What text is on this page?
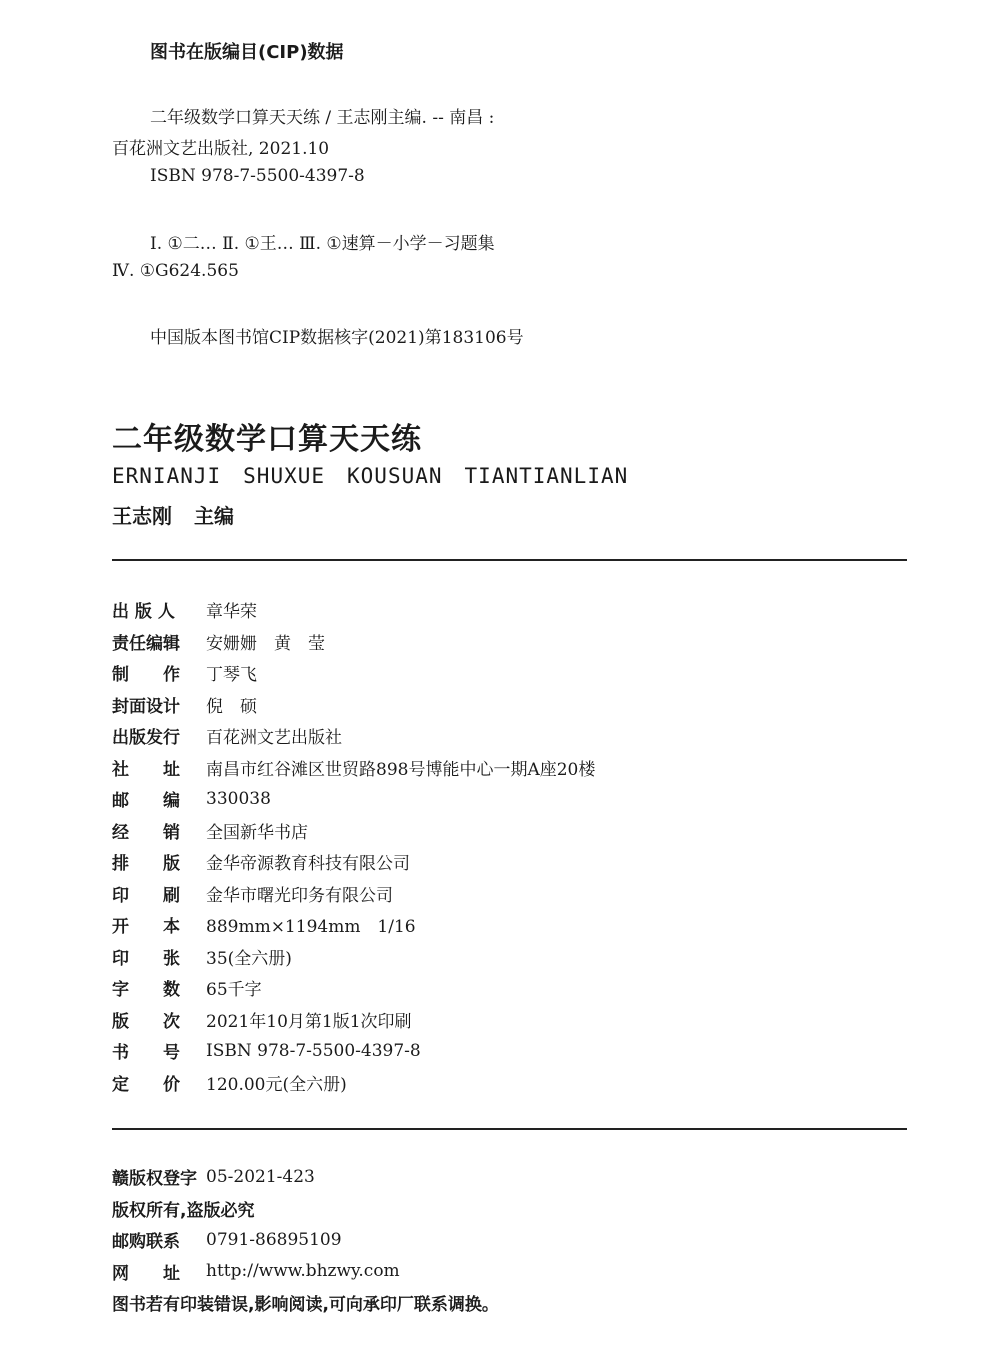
图书在版编目(CIP)数据
二年级数学口算天天练 / 王志刚主编. -- 南昌 :
百花洲文艺出版社, 2021.10
ISBN 978-7-5500-4397-8
Ⅰ. ①二… Ⅱ. ①王… Ⅲ. ①速算－小学－习题集
Ⅳ. ①G624.565
中国版本图书馆CIP数据核字(2021)第183106号
二年级数学口算天天练
ERNIANJI SHUXUE KOUSUAN TIANTIANLIAN
王志刚 主编
出 版 人	章华荣
责任编辑	安姗姗　黄　莹
制　　作	丁琴飞
封面设计	倪　硕
出版发行	百花洲文艺出版社
社　　址	南昌市红谷滩区世贸路898号博能中心一期A座20楼
邮　　编	330038
经　　销	全国新华书店
排　　版	金华帝源教育科技有限公司
印　　刷	金华市曙光印务有限公司
开　　本	889mm×1194mm　1/16
印　　张	35(全六册)
字　　数	65千字
版　　次	2021年10月第1版1次印刷
书　　号	ISBN 978-7-5500-4397-8
定　　价	120.00元(全六册)
赣版权登字 05-2021-423
版权所有,盗版必究
邮购联系	0791-86895109
网　　址	http://www.bhzwy.com
图书若有印装错误,影响阅读,可向承印厂联系调换。
